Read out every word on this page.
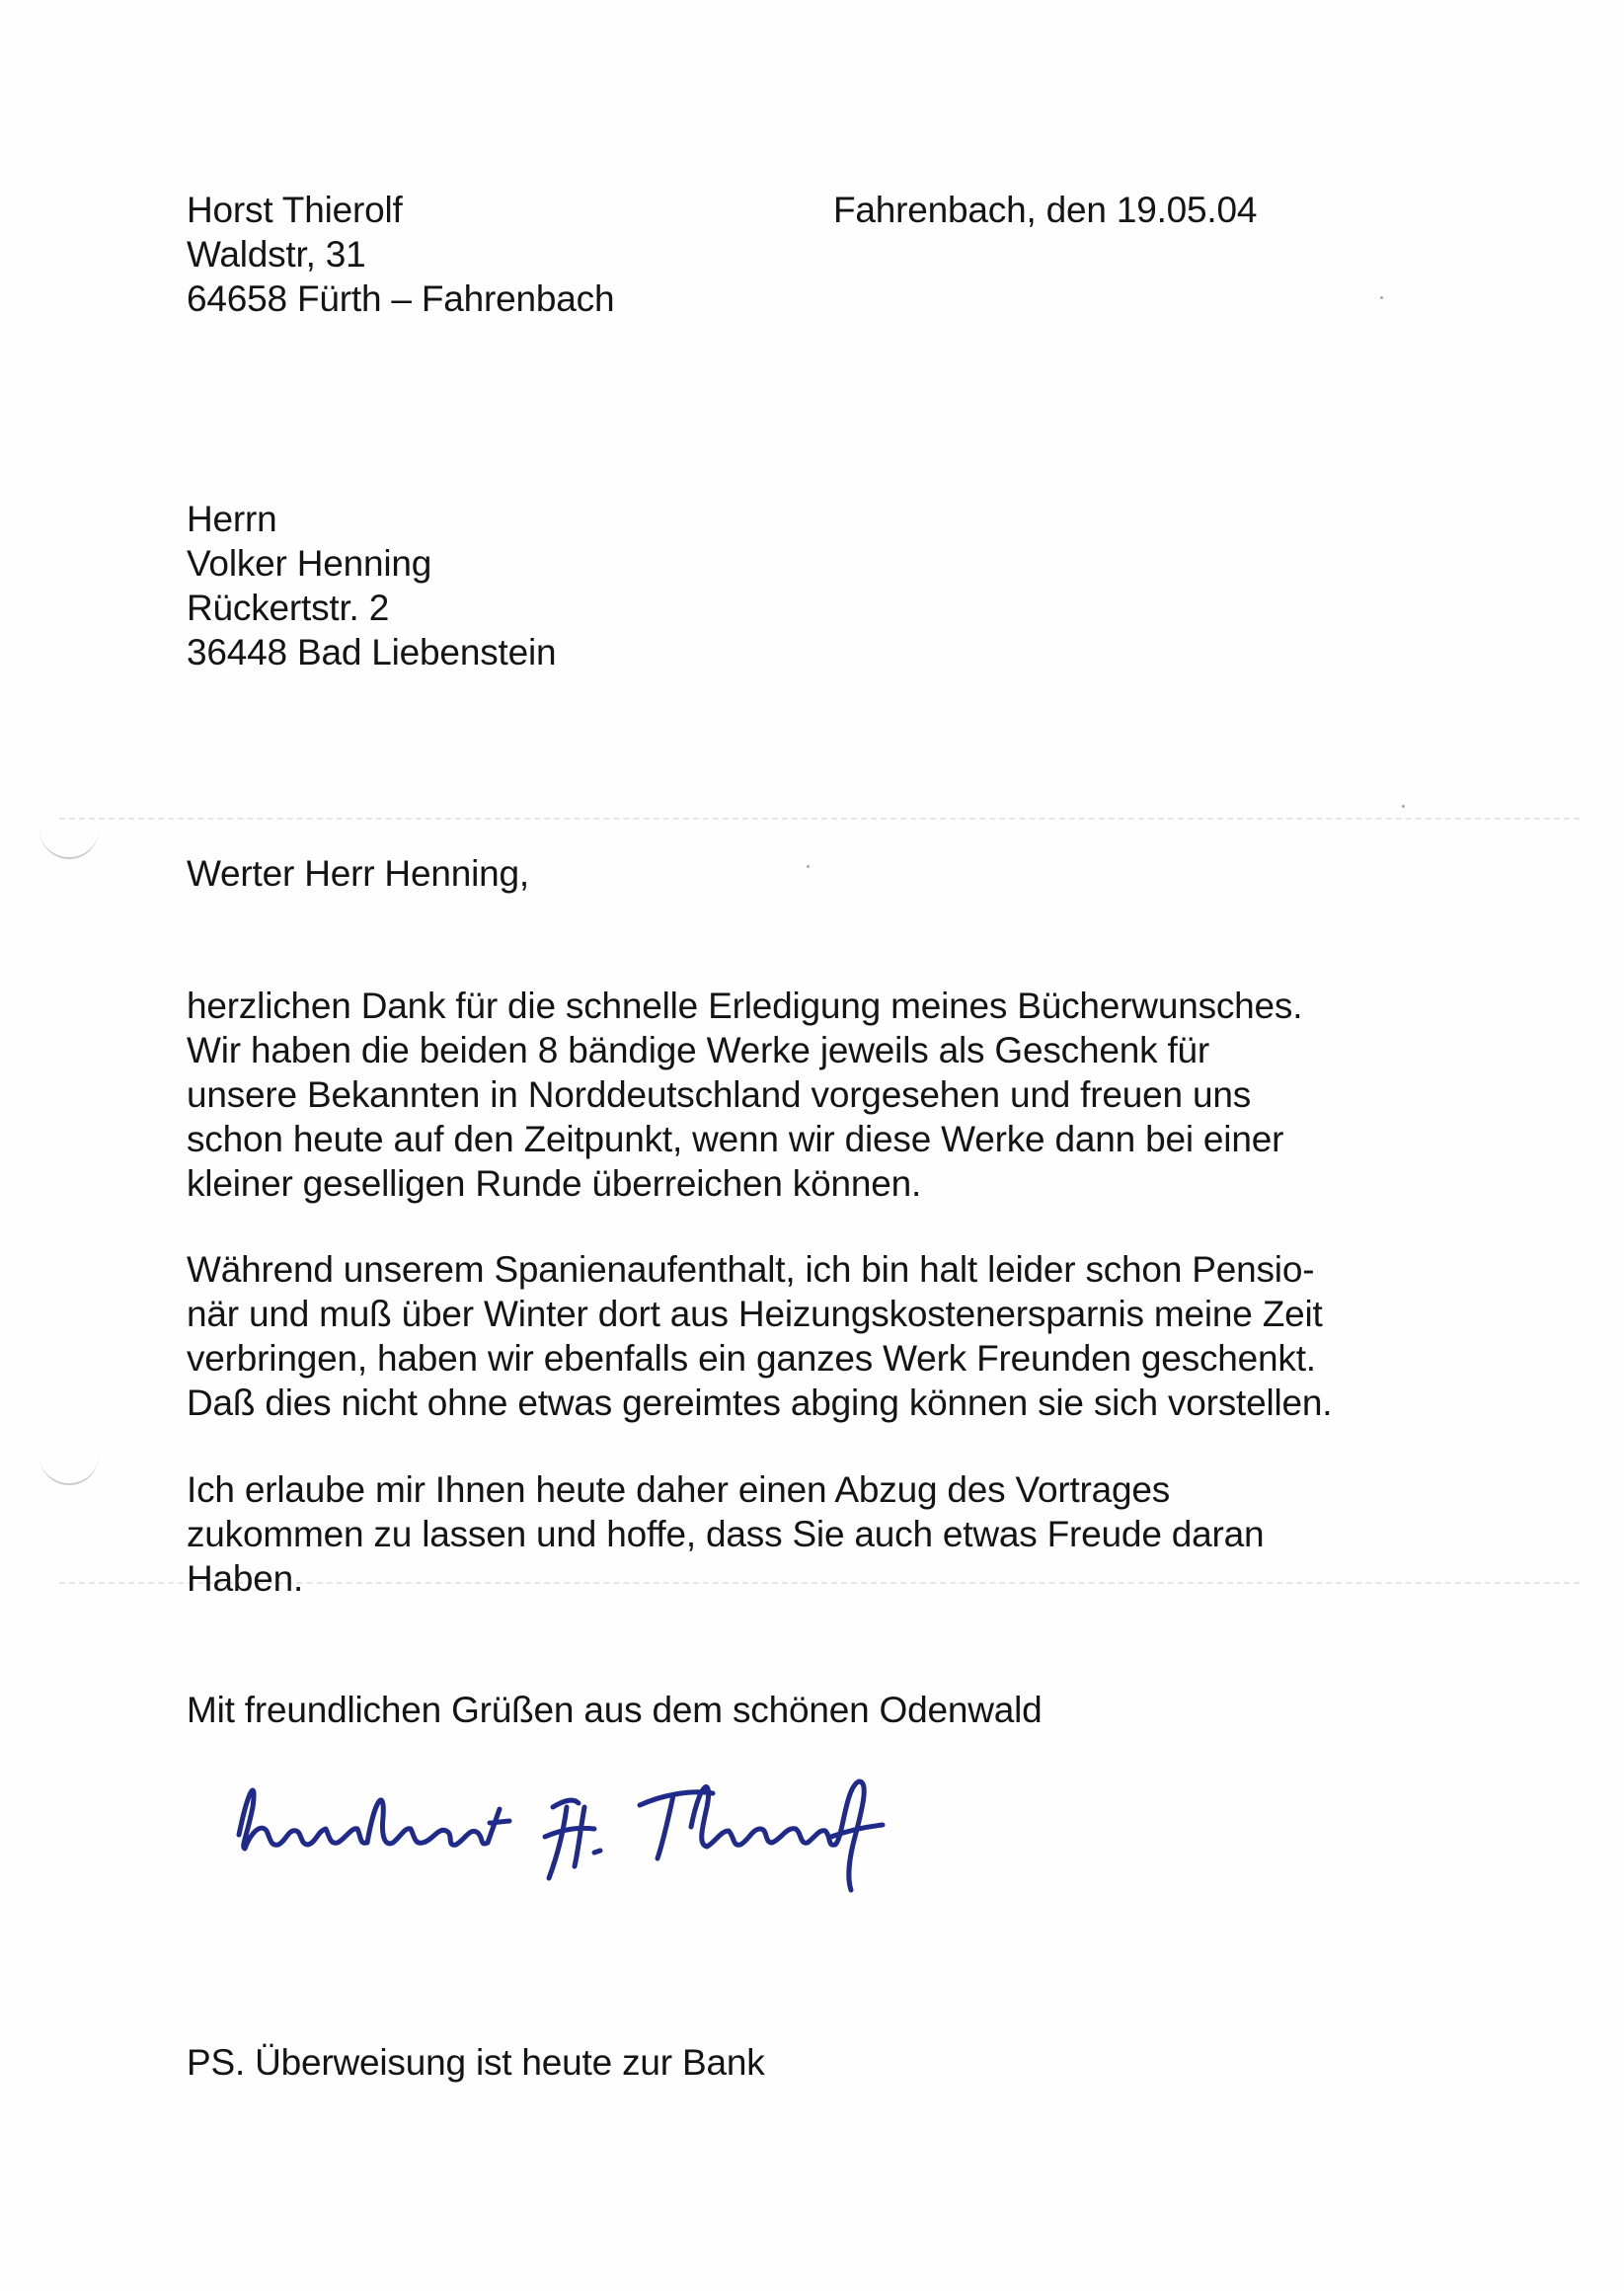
Horst Thierolf
Waldstr, 31
64658 Fürth – Fahrenbach
Fahrenbach, den 19.05.04
Herrn
Volker Henning
Rückertstr. 2
36448 Bad Liebenstein
Werter Herr Henning,
herzlichen Dank für die schnelle Erledigung meines Bücherwunsches.
Wir haben die beiden 8 bändige Werke jeweils als Geschenk für
unsere Bekannten in Norddeutschland vorgesehen und freuen uns
schon heute auf den Zeitpunkt, wenn wir diese Werke dann bei einer
kleiner geselligen Runde überreichen können.
Während unserem Spanienaufenthalt, ich bin halt leider schon Pensio-
när und muß über Winter dort aus Heizungskostenersparnis meine Zeit
verbringen, haben wir ebenfalls ein ganzes Werk Freunden geschenkt.
Daß dies nicht ohne etwas gereimtes abging können sie sich vorstellen.
Ich erlaube mir Ihnen heute daher einen Abzug des Vortrages
zukommen zu lassen und hoffe, dass Sie auch etwas Freude daran
Haben.
Mit freundlichen Grüßen aus dem schönen Odenwald
PS. Überweisung ist heute zur Bank
